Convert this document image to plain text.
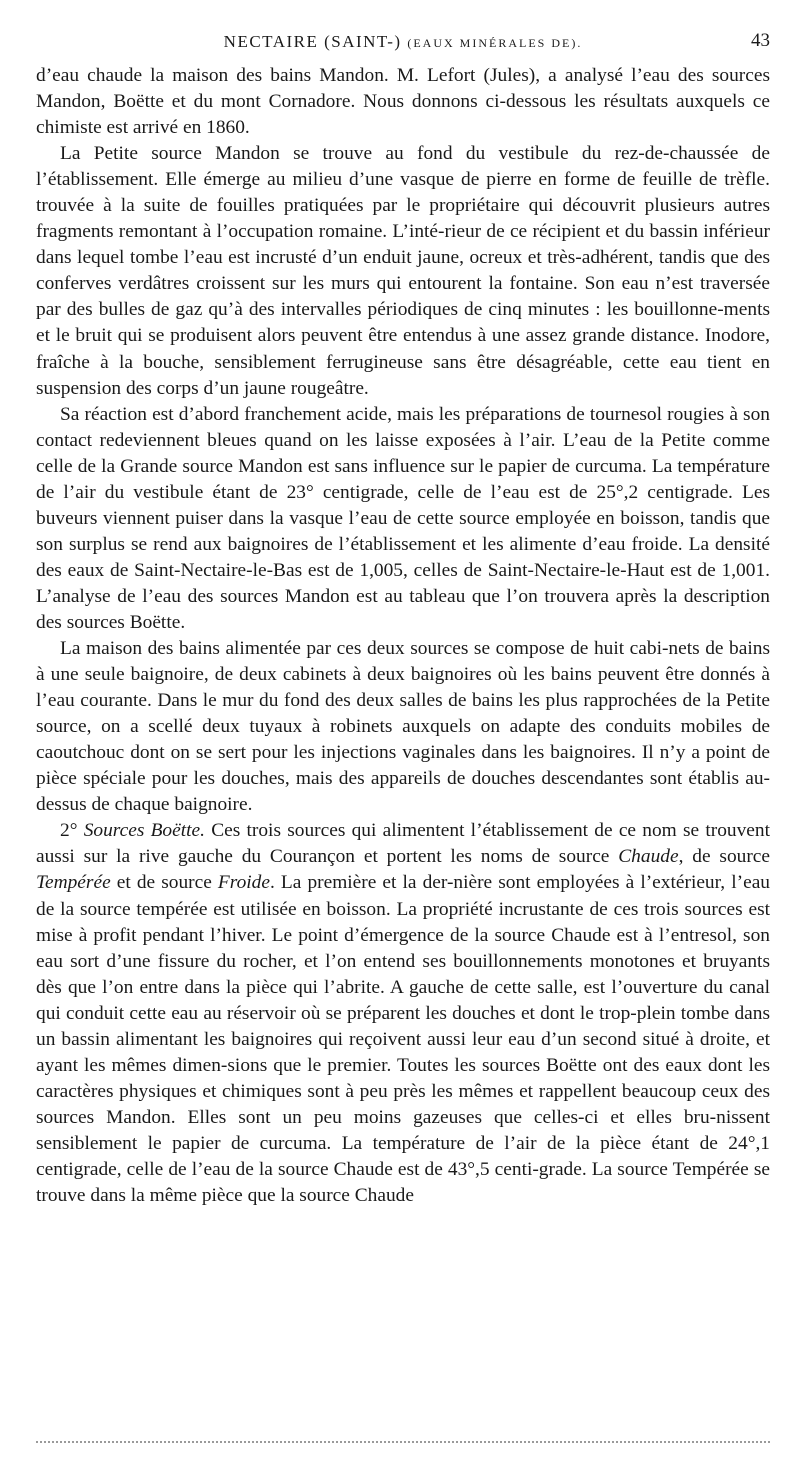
NECTAIRE (SAINT-) (EAUX MINÉRALES DE).	43

d’eau chaude la maison des bains Mandon. M. Lefort (Jules), a analysé l’eau des sources Mandon, Boëtte et du mont Cornadore. Nous donnons ci-dessous les résultats auxquels ce chimiste est arrivé en 1860.

La Petite source Mandon se trouve au fond du vestibule du rez-de-chaussée de l’établissement. Elle émerge au milieu d’une vasque de pierre en forme de feuille de trèfle. trouvée à la suite de fouilles pratiquées par le propriétaire qui découvrit plusieurs autres fragments remontant à l’occupation romaine. L’inté-rieur de ce récipient et du bassin inférieur dans lequel tombe l’eau est incrusté d’un enduit jaune, ocreux et très-adhérent, tandis que des conferves verdâtres croissent sur les murs qui entourent la fontaine. Son eau n’est traversée par des bulles de gaz qu’à des intervalles périodiques de cinq minutes : les bouillonne-ments et le bruit qui se produisent alors peuvent être entendus à une assez grande distance. Inodore, fraîche à la bouche, sensiblement ferrugineuse sans être désagréable, cette eau tient en suspension des corps d’un jaune rougeâtre.

Sa réaction est d’abord franchement acide, mais les préparations de tournesol rougies à son contact redeviennent bleues quand on les laisse exposées à l’air. L’eau de la Petite comme celle de la Grande source Mandon est sans influence sur le papier de curcuma. La température de l’air du vestibule étant de 23° centigrade, celle de l’eau est de 25°,2 centigrade. Les buveurs viennent puiser dans la vasque l’eau de cette source employée en boisson, tandis que son surplus se rend aux baignoires de l’établissement et les alimente d’eau froide. La densité des eaux de Saint-Nectaire-le-Bas est de 1,005, celles de Saint-Nectaire-le-Haut est de 1,001. L’analyse de l’eau des sources Mandon est au tableau que l’on trouvera après la description des sources Boëtte.

La maison des bains alimentée par ces deux sources se compose de huit cabi-nets de bains à une seule baignoire, de deux cabinets à deux baignoires où les bains peuvent être donnés à l’eau courante. Dans le mur du fond des deux salles de bains les plus rapprochées de la Petite source, on a scellé deux tuyaux à robinets auxquels on adapte des conduits mobiles de caoutchouc dont on se sert pour les injections vaginales dans les baignoires. Il n’y a point de pièce spéciale pour les douches, mais des appareils de douches descendantes sont établis au-dessus de chaque baignoire.

2° Sources Boëtte. Ces trois sources qui alimentent l’établissement de ce nom se trouvent aussi sur la rive gauche du Courançon et portent les noms de source Chaude, de source Tempérée et de source Froide. La première et la der-nière sont employées à l’extérieur, l’eau de la source tempérée est utilisée en boisson. La propriété incrustante de ces trois sources est mise à profit pendant l’hiver. Le point d’émergence de la source Chaude est à l’entresol, son eau sort d’une fissure du rocher, et l’on entend ses bouillonnements monotones et bruyants dès que l’on entre dans la pièce qui l’abrite. A gauche de cette salle, est l’ouverture du canal qui conduit cette eau au réservoir où se préparent les douches et dont le trop-plein tombe dans un bassin alimentant les baignoires qui reçoivent aussi leur eau d’un second situé à droite, et ayant les mêmes dimen-sions que le premier. Toutes les sources Boëtte ont des eaux dont les caractères physiques et chimiques sont à peu près les mêmes et rappellent beaucoup ceux des sources Mandon. Elles sont un peu moins gazeuses que celles-ci et elles bru-nissent sensiblement le papier de curcuma. La température de l’air de la pièce étant de 24°,1 centigrade, celle de l’eau de la source Chaude est de 43°,5 centi-grade. La source Tempérée se trouve dans la même pièce que la source Chaude
